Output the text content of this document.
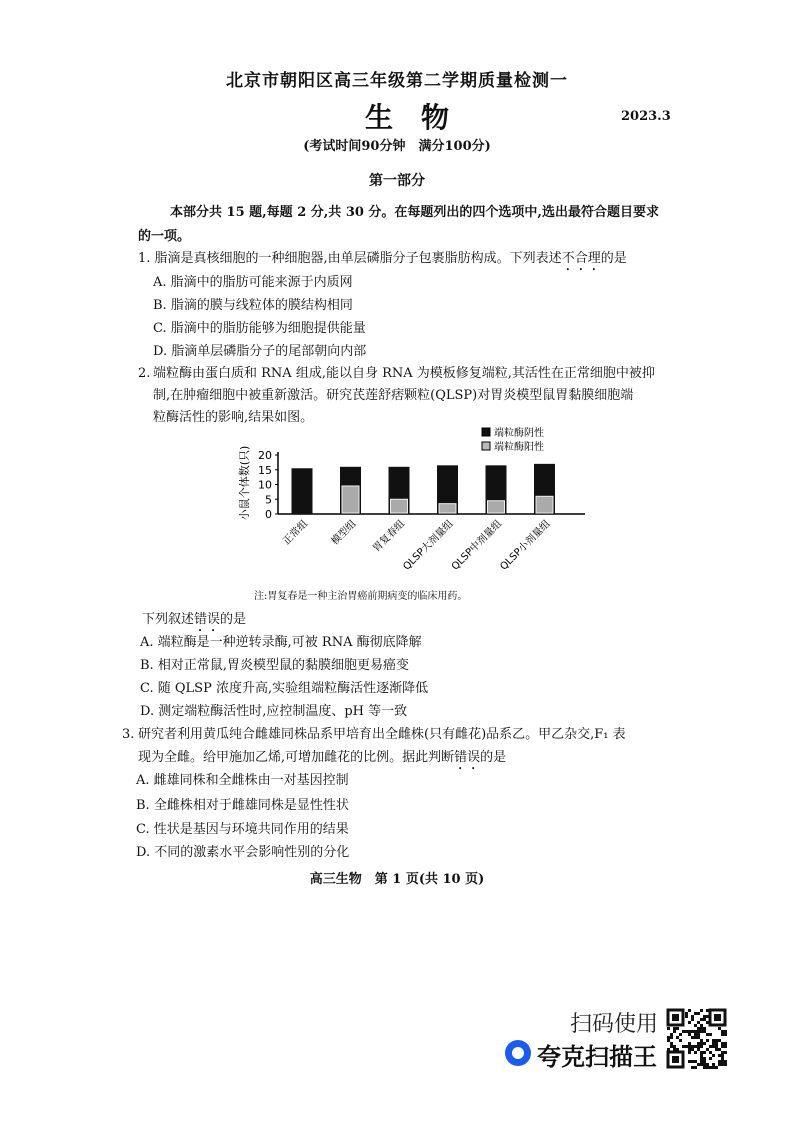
北京市朝阳区高三年级第二学期质量检测一
生物	2023.3
(考试时间90分钟　满分100分)
第一部分
本部分共 15 题,每题 2 分,共 30 分。在每题列出的四个选项中,选出最符合题目要求
的一项。
1. 脂滴是真核细胞的一种细胞器,由单层磷脂分子包裹脂肪构成。下列表述不合理的是
A. 脂滴中的脂肪可能来源于内质网
B. 脂滴的膜与线粒体的膜结构相同
C. 脂滴中的脂肪能够为细胞提供能量
D. 脂滴单层磷脂分子的尾部朝向内部
2. 端粒酶由蛋白质和 RNA 组成,能以自身 RNA 为模板修复端粒,其活性在正常细胞中被抑
制,在肿瘤细胞中被重新激活。研究芪莲舒痞颗粒(QLSP)对胃炎模型鼠胃黏膜细胞端
粒酶活性的影响,结果如图。
小鼠个体数(只) 0
5
10
15
20
正常组 模型组 胃复春组
QLSP大剂量组
QLSP中剂量组
QLSP小剂量组
端粒酶阴性
端粒酶阳性
注:胃复春是一种主治胃癌前期病变的临床用药。
下列叙述错误的是
A. 端粒酶是一种逆转录酶,可被 RNA 酶彻底降解
B. 相对正常鼠,胃炎模型鼠的黏膜细胞更易癌变
C. 随 QLSP 浓度升高,实验组端粒酶活性逐渐降低
D. 测定端粒酶活性时,应控制温度、pH 等一致
3. 研究者利用黄瓜纯合雌雄同株品系甲培育出全雌株(只有雌花)品系乙。甲乙杂交,F₁ 表
现为全雌。给甲施加乙烯,可增加雌花的比例。据此判断错误的是
A. 雌雄同株和全雌株由一对基因控制
B. 全雌株相对于雌雄同株是显性性状
C. 性状是基因与环境共同作用的结果
D. 不同的激素水平会影响性别的分化
高三生物　第 1 页(共 10 页)
扫码使用
夸克扫描王
